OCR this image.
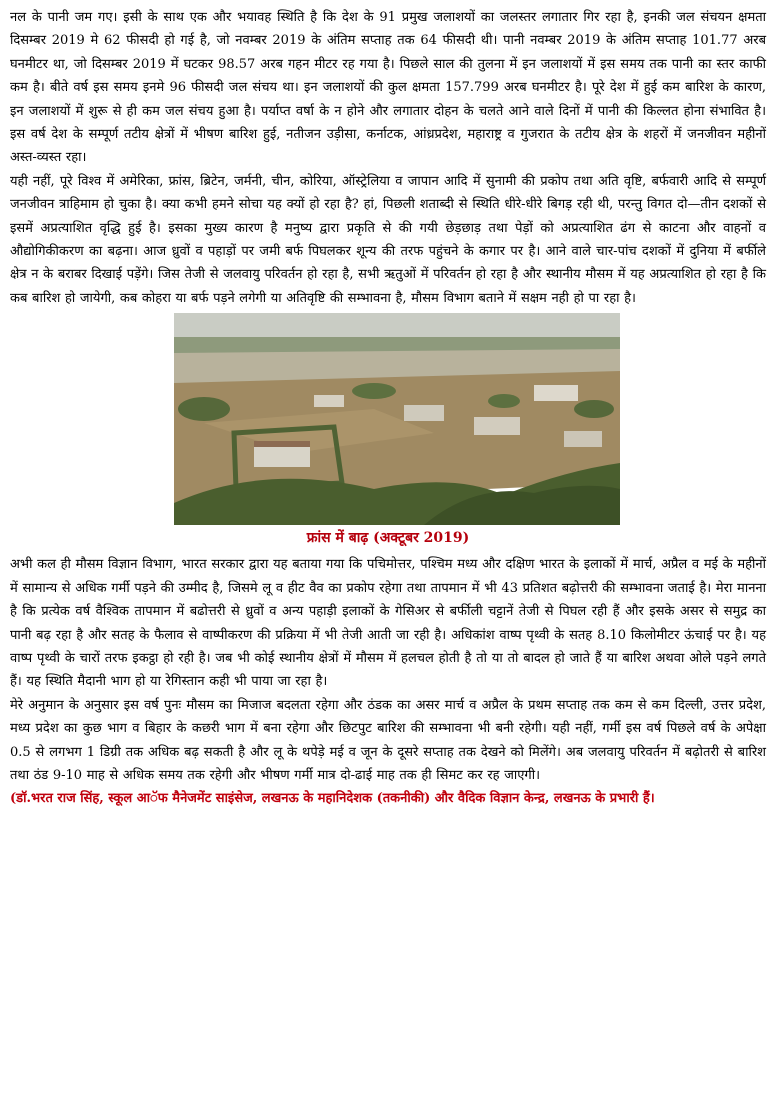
नल के पानी जम गए। इसी के साथ एक और भयावह स्थिति है कि देश के 91 प्रमुख जलाशयों का जलस्तर लगातार गिर रहा है, इनकी जल संचयन क्षमता दिसम्बर 2019 मे 62 फीसदी हो गई है, जो नवम्बर 2019 के अंतिम सप्ताह तक 64 फीसदी थी। पानी नवम्बर 2019 के अंतिम सप्ताह 101.77 अरब घनमीटर था, जो दिसम्बर 2019 में घटकर 98.57 अरब गहन मीटर रह गया है। पिछले साल की तुलना में इन जलाशयों में इस समय तक पानी का स्तर काफी कम है। बीते वर्ष इस समय इनमे 96 फीसदी जल संचय था। इन जलाशयों की कुल क्षमता 157.799 अरब घनमीटर है। पूरे देश में हुई कम बारिश के कारण, इन जलाशयों में शुरू से ही कम जल संचय हुआ है। पर्याप्त वर्षा के न होने और लगातार दोहन के चलते आने वाले दिनों में पानी की किल्लत होना संभावित है। इस वर्ष देश के सम्पूर्ण तटीय क्षेत्रों में भीषण बारिश हुई, नतीजन उड़ीसा, कर्नाटक, आंध्रप्रदेश, महाराष्ट्र व गुजरात के तटीय क्षेत्र के शहरों में जनजीवन महीनों अस्त-व्यस्त रहा।

यही नहीं, पूरे विश्व में अमेरिका, फ्रांस, ब्रिटेन, जर्मनी, चीन, कोरिया, ऑस्ट्रेलिया व जापान आदि में सुनामी की प्रकोप तथा अति वृष्टि, बर्फवारी आदि से सम्पूर्ण जनजीवन त्राहिमाम हो चुका है। क्या कभी हमने सोचा यह क्यों हो रहा है? हां, पिछली शताब्दी से स्थिति धीरे-धीरे बिगड़ रही थी, परन्तु विगत दो—तीन दशकों से इसमें अप्रत्याशित वृद्धि हुई है। इसका मुख्य कारण है मनुष्य द्वारा प्रकृति से की गयी छेड़छाड़ तथा पेड़ों को अप्रत्याशित ढंग से काटना और वाहनों व औद्योगिकीकरण का बढ़ना। आज ध्रुवों व पहाड़ों पर जमी बर्फ पिघलकर शून्य की तरफ पहुंचने के कगार पर है। आने वाले चार-पांच दशकों में दुनिया में बर्फीले क्षेत्र न के बराबर दिखाई पड़ेंगे। जिस तेजी से जलवायु परिवर्तन हो रहा है, सभी ऋतुओं में परिवर्तन हो रहा है और स्थानीय मौसम में यह अप्रत्याशित हो रहा है कि कब बारिश हो जायेगी, कब कोहरा या बर्फ पड़ने लगेगी या अतिवृष्टि की सम्भावना है, मौसम विभाग बताने में सक्षम नही हो पा रहा है।

फ्रांस में बाढ़ (अक्टूबर 2019)

अभी कल ही मौसम विज्ञान विभाग, भारत सरकार द्वारा यह बताया गया कि पचिमोत्तर, पश्चिम मध्य और दक्षिण भारत के इलाकों में मार्च, अप्रैल व मई के महीनों में सामान्य से अधिक गर्मी पड़ने की उम्मीद है, जिसमे लू व हीट वैव का प्रकोप रहेगा तथा तापमान में भी 43 प्रतिशत बढ़ोत्तरी की सम्भावना जताई है। मेरा मानना है कि प्रत्येक वर्ष वैश्विक तापमान में बढोत्तरी से ध्रुवों व अन्य पहाड़ी इलाकों के गेसिअर से बर्फीली चट्टानें तेजी से पिघल रही हैं और इसके असर से समुद्र का पानी बढ़ रहा है और सतह के फैलाव से वाष्पीकरण की प्रक्रिया में भी तेजी आती जा रही है। अधिकांश वाष्प पृथ्वी के सतह 8.10 किलोमीटर ऊंचाई पर है। यह वाष्प पृथ्वी के चारों तरफ इकट्ठा हो रही है। जब भी कोई स्थानीय क्षेत्रों में मौसम में हलचल होती है तो या तो बादल हो जाते हैं या बारिश अथवा ओले पड़ने लगते हैं। यह स्थिति मैदानी भाग हो या रेगिस्तान कही भी पाया जा रहा है।

मेरे अनुमान के अनुसार इस वर्ष पुनः मौसम का मिजाज बदलता रहेगा और ठंडक का असर मार्च व अप्रैल के प्रथम सप्ताह तक कम से कम दिल्ली, उत्तर प्रदेश, मध्य प्रदेश का कुछ भाग व बिहार के कछरी भाग में बना रहेगा और छिटपुट बारिश की सम्भावना भी बनी रहेगी। यही नहीं, गर्मी इस वर्ष पिछले वर्ष के अपेक्षा 0.5 से लगभग 1 डिग्री तक अधिक बढ़ सकती है और लू के थपेड़े मई व जून के दूसरे सप्ताह तक देखने को मिलेंगे। अब जलवायु परिवर्तन में बढ़ोतरी से बारिश तथा ठंड 9-10 माह से अधिक समय तक रहेगी और भीषण गर्मी मात्र दो-ढाई माह तक ही सिमट कर रह जाएगी।

(डॉ.भरत राज सिंह, स्कूल आॅफ मैनेजमेंट साइंसेज, लखनऊ के महानिदेशक (तकनीकी) और वैदिक विज्ञान केन्द्र, लखनऊ के प्रभारी हैं।
